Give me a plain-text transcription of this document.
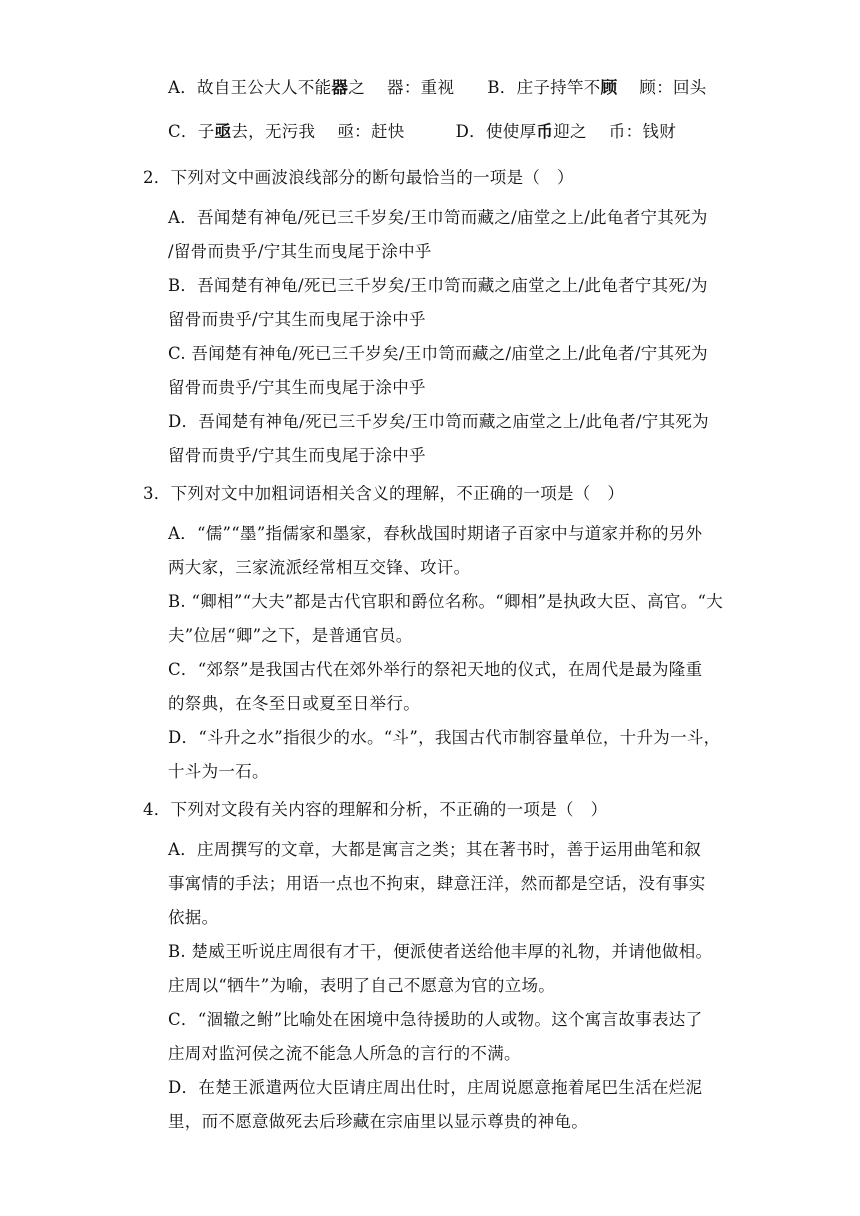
A．故自王公大人不能器之 器：重视 B．庄子持竿不顾 顾：回头
C．子亟去，无污我 亟：赶快	D．使使厚币迎之 币：钱财
2．下列对文中画波浪线部分的断句最恰当的一项是（　）
A．吾闻楚有神龟/死已三千岁矣/王巾笥而藏之/庙堂之上/此龟者宁其死为
/留骨而贵乎/宁其生而曳尾于涂中乎
B．吾闻楚有神龟/死已三千岁矣/王巾笥而藏之庙堂之上/此龟者宁其死/为
留骨而贵乎/宁其生而曳尾于涂中乎
C. 吾闻楚有神龟/死已三千岁矣/王巾笥而藏之/庙堂之上/此龟者/宁其死为
留骨而贵乎/宁其生而曳尾于涂中乎
D．吾闻楚有神龟/死已三千岁矣/王巾笥而藏之庙堂之上/此龟者/宁其死为
留骨而贵乎/宁其生而曳尾于涂中乎
3．下列对文中加粗词语相关含义的理解，不正确的一项是（　）
A．“儒”“墨”指儒家和墨家，春秋战国时期诸子百家中与道家并称的另外
两大家，三家流派经常相互交锋、攻讦。
B. “卿相”“大夫”都是古代官职和爵位名称。“卿相”是执政大臣、高官。“大
夫”位居“卿”之下，是普通官员。
C．“郊祭”是我国古代在郊外举行的祭祀天地的仪式，在周代是最为隆重
的祭典，在冬至日或夏至日举行。
D．“斗升之水”指很少的水。“斗”，我国古代市制容量单位，十升为一斗，
十斗为一石。
4．下列对文段有关内容的理解和分析，不正确的一项是（　）
A．庄周撰写的文章，大都是寓言之类；其在著书时，善于运用曲笔和叙
事寓情的手法；用语一点也不拘束，肆意汪洋，然而都是空话，没有事实
依据。
B. 楚威王听说庄周很有才干，便派使者送给他丰厚的礼物，并请他做相。
庄周以“牺牛”为喻，表明了自己不愿意为官的立场。
C．“涸辙之鲋”比喻处在困境中急待援助的人或物。这个寓言故事表达了
庄周对监河侯之流不能急人所急的言行的不满。
D．在楚王派遣两位大臣请庄周出仕时，庄周说愿意拖着尾巴生活在烂泥
里，而不愿意做死去后珍藏在宗庙里以显示尊贵的神龟。
